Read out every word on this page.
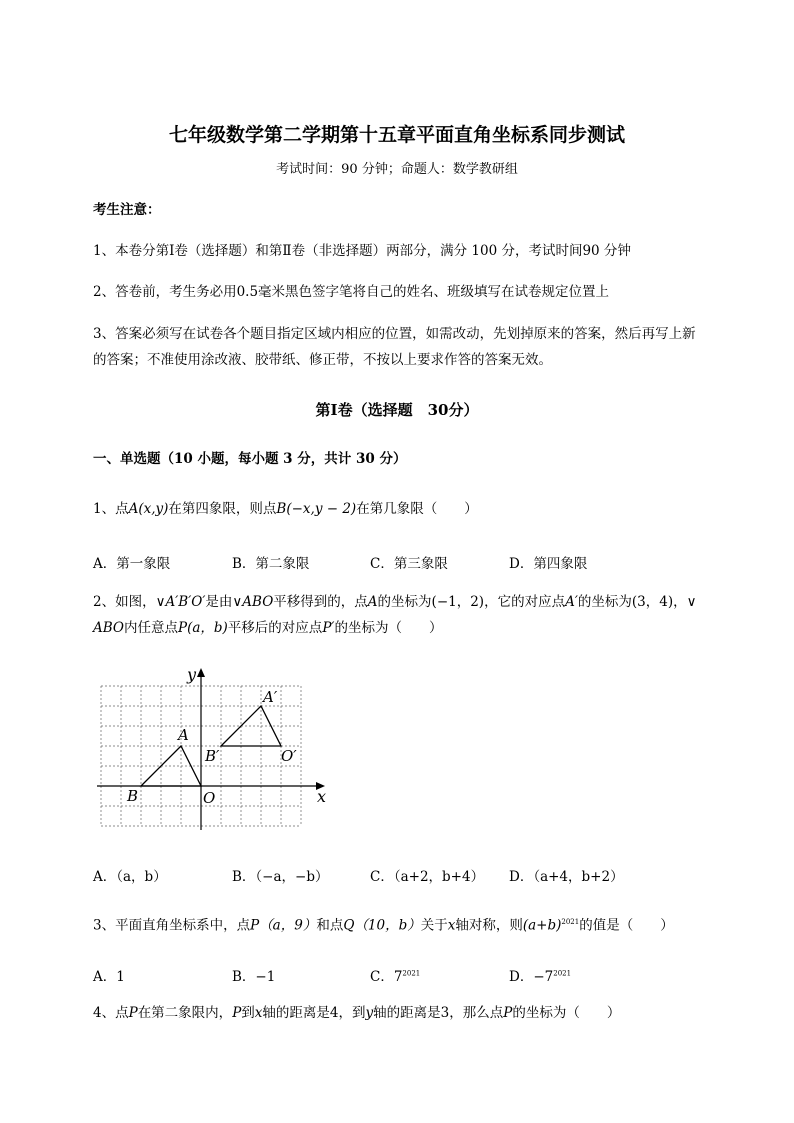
七年级数学第二学期第十五章平面直角坐标系同步测试
考试时间：90 分钟；命题人：数学教研组
考生注意：
1、本卷分第Ⅰ卷（选择题）和第Ⅱ卷（非选择题）两部分，满分 100 分，考试时间90 分钟
2、答卷前，考生务必用0.5毫米黑色签字笔将自己的姓名、班级填写在试卷规定位置上
3、答案必须写在试卷各个题目指定区域内相应的位置，如需改动，先划掉原来的答案，然后再写上新
的答案；不准使用涂改液、胶带纸、修正带，不按以上要求作答的答案无效。
第Ⅰ卷（选择题　30分）
一、单选题（10 小题，每小题 3 分，共计 30 分）
1、点A(x,y)在第四象限，则点B(−x,y − 2)在第几象限（　　）
A．第一象限	B．第二象限	C．第三象限	D．第四象限
2、如图，∨A′B′O′是由∨ABO平移得到的，点A的坐标为(−1，2)，它的对应点A′的坐标为(3，4)，∨
ABO内任意点P(a，b)平移后的对应点P′的坐标为（　　）
y
x
O
A
B
A′
B′	O′
A．（a，b）	B．（−a，−b）	C．（a+2，b+4） D．（a+4，b+2）
3、平面直角坐标系中，点P（a，9）和点Q（10，b）关于x轴对称，则$(a+b)^{2021}$的值是（　　）
A．1	B．−1	C．$7^{2021}$	D．$-7^{2021}$
4、点P在第二象限内，P到x轴的距离是4，到y轴的距离是3，那么点P的坐标为（　　）
